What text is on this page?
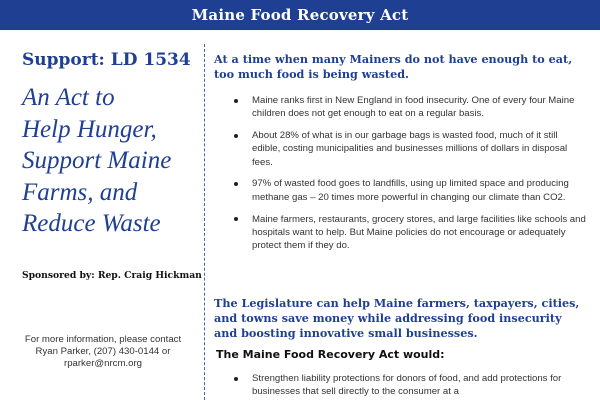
Maine Food Recovery Act
Support: LD 1534
An Act to
Help Hunger,
Support Maine
Farms, and
Reduce Waste
Sponsored by: Rep. Craig Hickman
For more information, please contact
Ryan Parker, (207) 430-0144 or
rparker@nrcm.org
At a time when many Mainers do not have enough to eat, too much food is being wasted.
Maine ranks first in New England in food insecurity. One of every four Maine children does not get enough to eat on a regular basis.
About 28% of what is in our garbage bags is wasted food, much of it still edible, costing municipalities and businesses millions of dollars in disposal fees.
97% of wasted food goes to landfills, using up limited space and producing methane gas – 20 times more powerful in changing our climate than CO2.
Maine farmers, restaurants, grocery stores, and large facilities like schools and hospitals want to help. But Maine policies do not encourage or adequately protect them if they do.
The Legislature can help Maine farmers, taxpayers, cities, and towns save money while addressing food insecurity and boosting innovative small businesses.
The Maine Food Recovery Act would:
Strengthen liability protections for donors of food, and add protections for businesses that sell directly to the consumer at a
